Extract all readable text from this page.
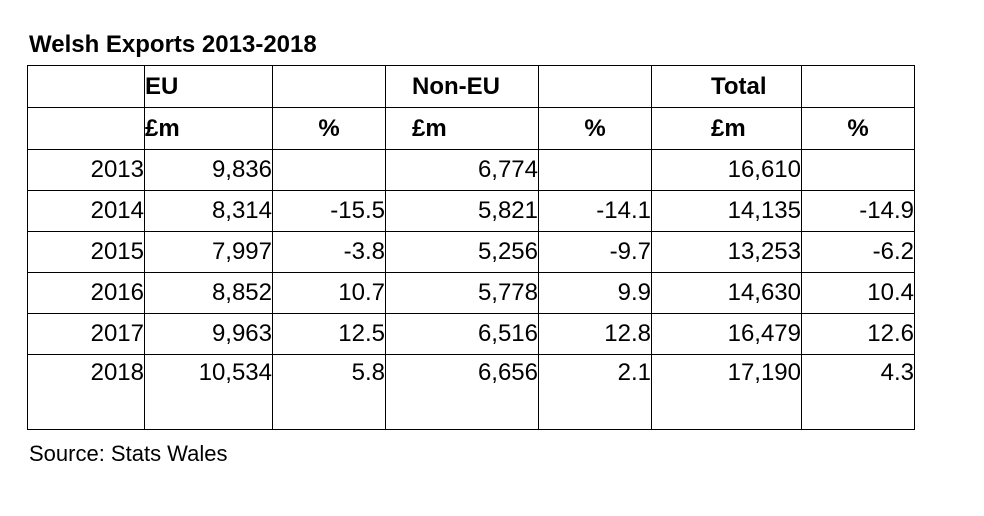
Welsh Exports 2013-2018
	EU		Non-EU		Total	
	£m	%	£m	%	£m	%
2013	9,836		6,774		16,610	
2014	8,314	-15.5	5,821	-14.1	14,135	-14.9
2015	7,997	-3.8	5,256	-9.7	13,253	-6.2
2016	8,852	10.7	5,778	9.9	14,630	10.4
2017	9,963	12.5	6,516	12.8	16,479	12.6
2018	10,534	5.8	6,656	2.1	17,190	4.3
Source: Stats Wales
